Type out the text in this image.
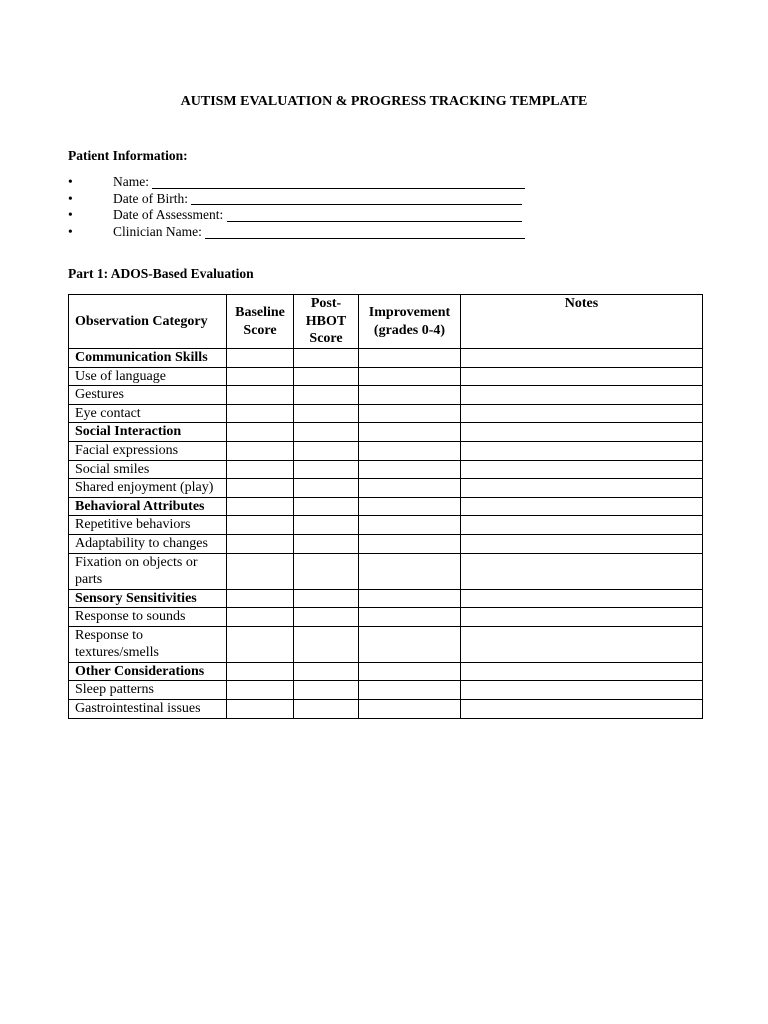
AUTISM EVALUATION & PROGRESS TRACKING TEMPLATE
Patient Information:
•	Name:
•	Date of Birth:
•	Date of Assessment:
•	Clinician Name:
Part 1: ADOS-Based Evaluation
Observation Category	Baseline Score	Post-HBOT Score	Improvement (grades 0-4)	Notes
Communication Skills				
Use of language				
Gestures				
Eye contact				
Social Interaction				
Facial expressions				
Social smiles				
Shared enjoyment (play)				
Behavioral Attributes				
Repetitive behaviors				
Adaptability to changes				
Fixation on objects or parts				
Sensory Sensitivities				
Response to sounds				
Response to textures/smells				
Other Considerations				
Sleep patterns				
Gastrointestinal issues				
